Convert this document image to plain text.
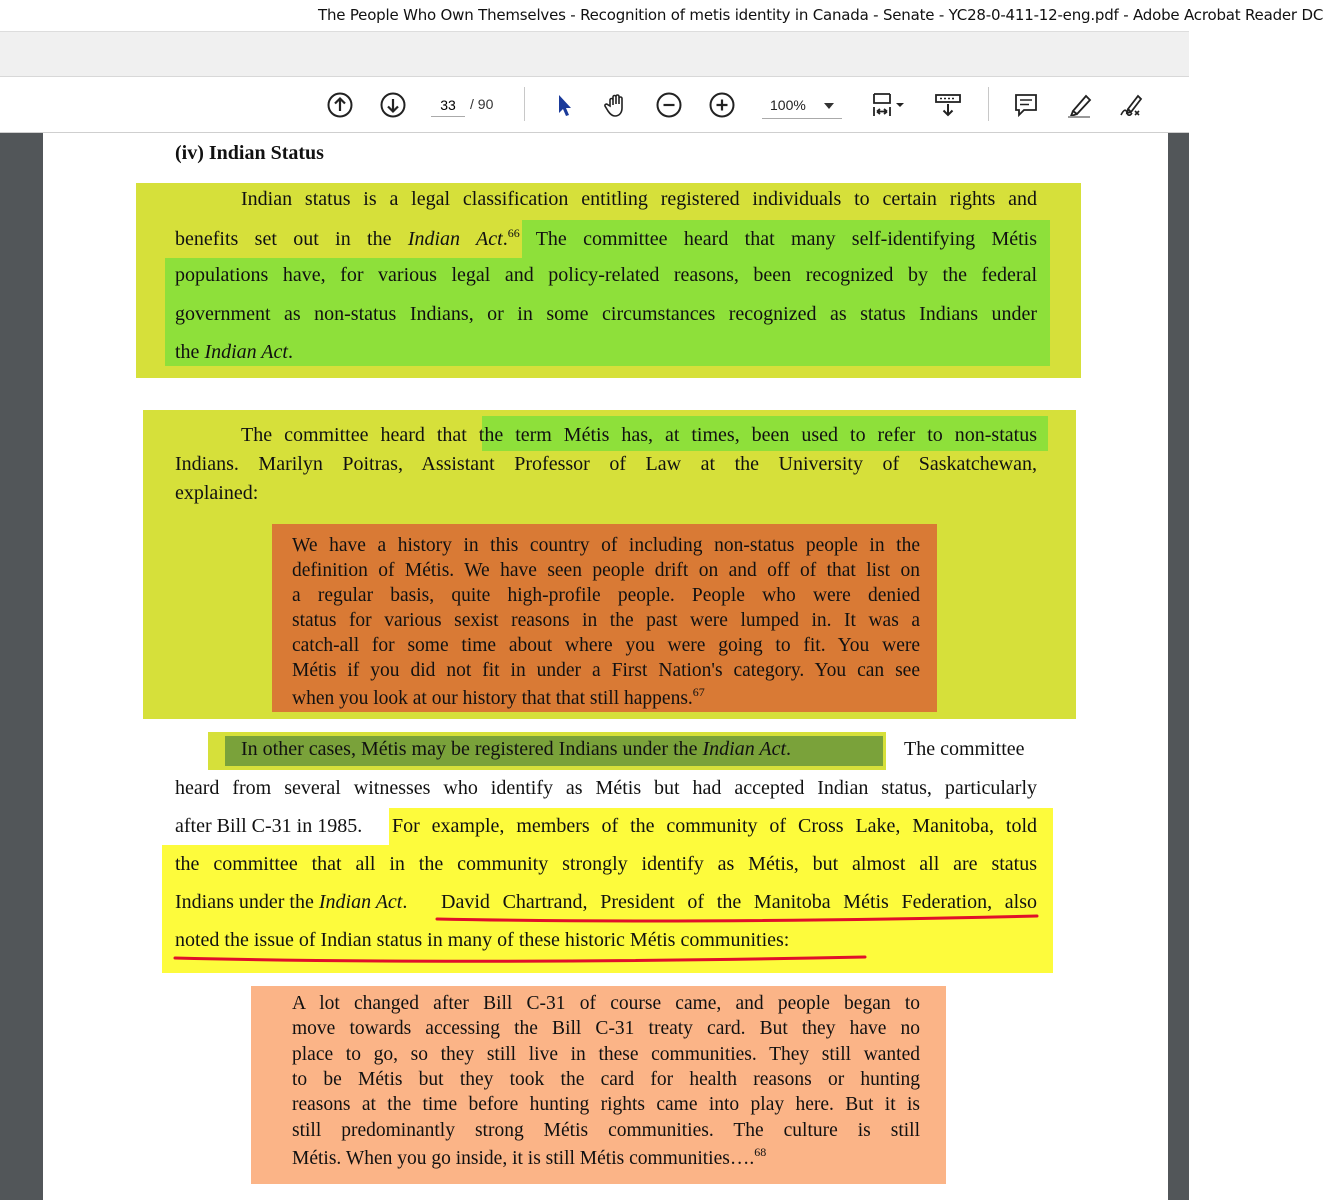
The People Who Own Themselves - Recognition of metis identity in Canada - Senate - YC28-0-411-12-eng.pdf - Adobe Acrobat Reader DC
33
/ 90	100%
(iv) Indian Status
Indian status is a legal classification entitling registered individuals to certain rights and
benefits set out in the Indian Act.$^{66}$ The committee heard that many self-identifying Métis
populations have, for various legal and policy-related reasons, been recognized by the federal
government as non-status Indians, or in some circumstances recognized as status Indians under
the Indian Act.
The committee heard that the term Métis has, at times, been used to refer to non-status
Indians. Marilyn Poitras, Assistant Professor of Law at the University of Saskatchewan,
explained:
We have a history in this country of including non-status people in the
definition of Métis. We have seen people drift on and off of that list on
a regular basis, quite high-profile people. People who were denied
status for various sexist reasons in the past were lumped in. It was a
catch-all for some time about where you were going to fit. You were
Métis if you did not fit in under a First Nation's category. You can see
when you look at our history that that still happens.$^{67}$
In other cases, Métis may be registered Indians under the Indian Act.	The committee
heard from several witnesses who identify as Métis but had accepted Indian status, particularly
after Bill C-31 in 1985. For example, members of the community of Cross Lake, Manitoba, told
the committee that all in the community strongly identify as Métis, but almost all are status
Indians under the Indian Act. David Chartrand, President of the Manitoba Métis Federation, also
noted the issue of Indian status in many of these historic Métis communities:
A lot changed after Bill C-31 of course came, and people began to
move towards accessing the Bill C-31 treaty card. But they have no
place to go, so they still live in these communities. They still wanted
to be Métis but they took the card for health reasons or hunting
reasons at the time before hunting rights came into play here. But it is
still predominantly strong Métis communities. The culture is still
Métis. When you go inside, it is still Métis communities….$^{68}$
